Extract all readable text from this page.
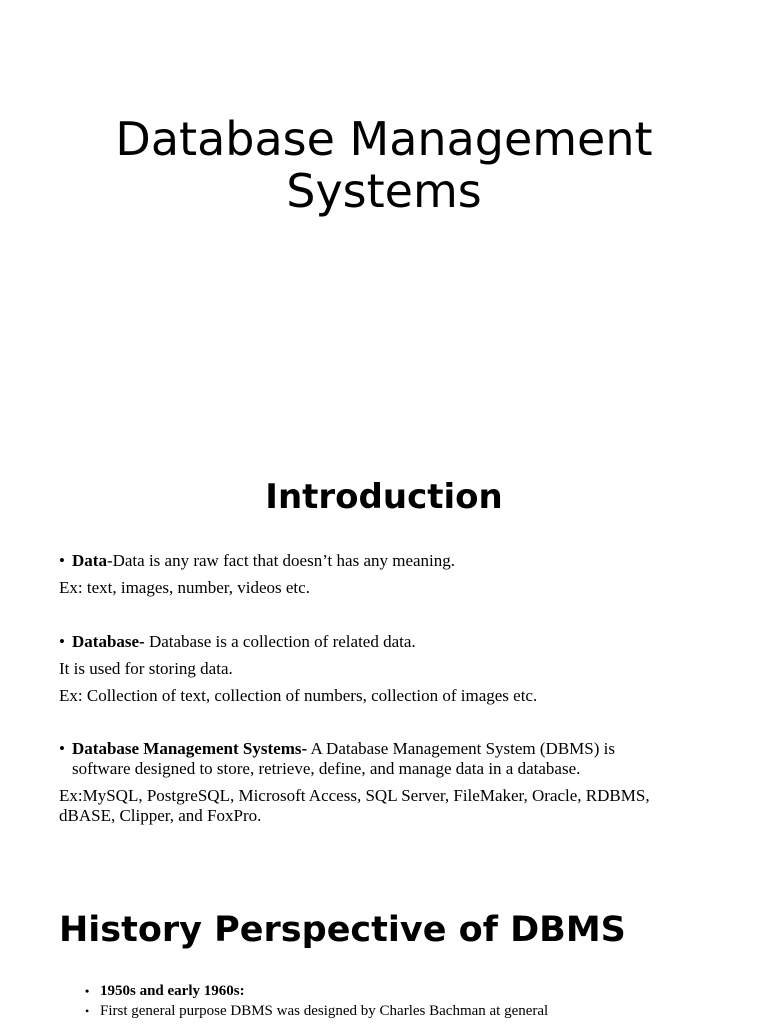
Database Management
Systems
Introduction
• Data-Data is any raw fact that doesn’t has any meaning.
Ex: text, images, number, videos etc.
• Database- Database is a collection of related data.
It is used for storing data.
Ex: Collection of text, collection of numbers, collection of images etc.
• Database Management Systems- A Database Management System (DBMS) is
software designed to store, retrieve, define, and manage data in a database.
Ex:MySQL, PostgreSQL, Microsoft Access, SQL Server, FileMaker, Oracle, RDBMS,
dBASE, Clipper, and FoxPro.
History Perspective of DBMS
• 1950s and early 1960s:
• First general purpose DBMS was designed by Charles Bachman at general
